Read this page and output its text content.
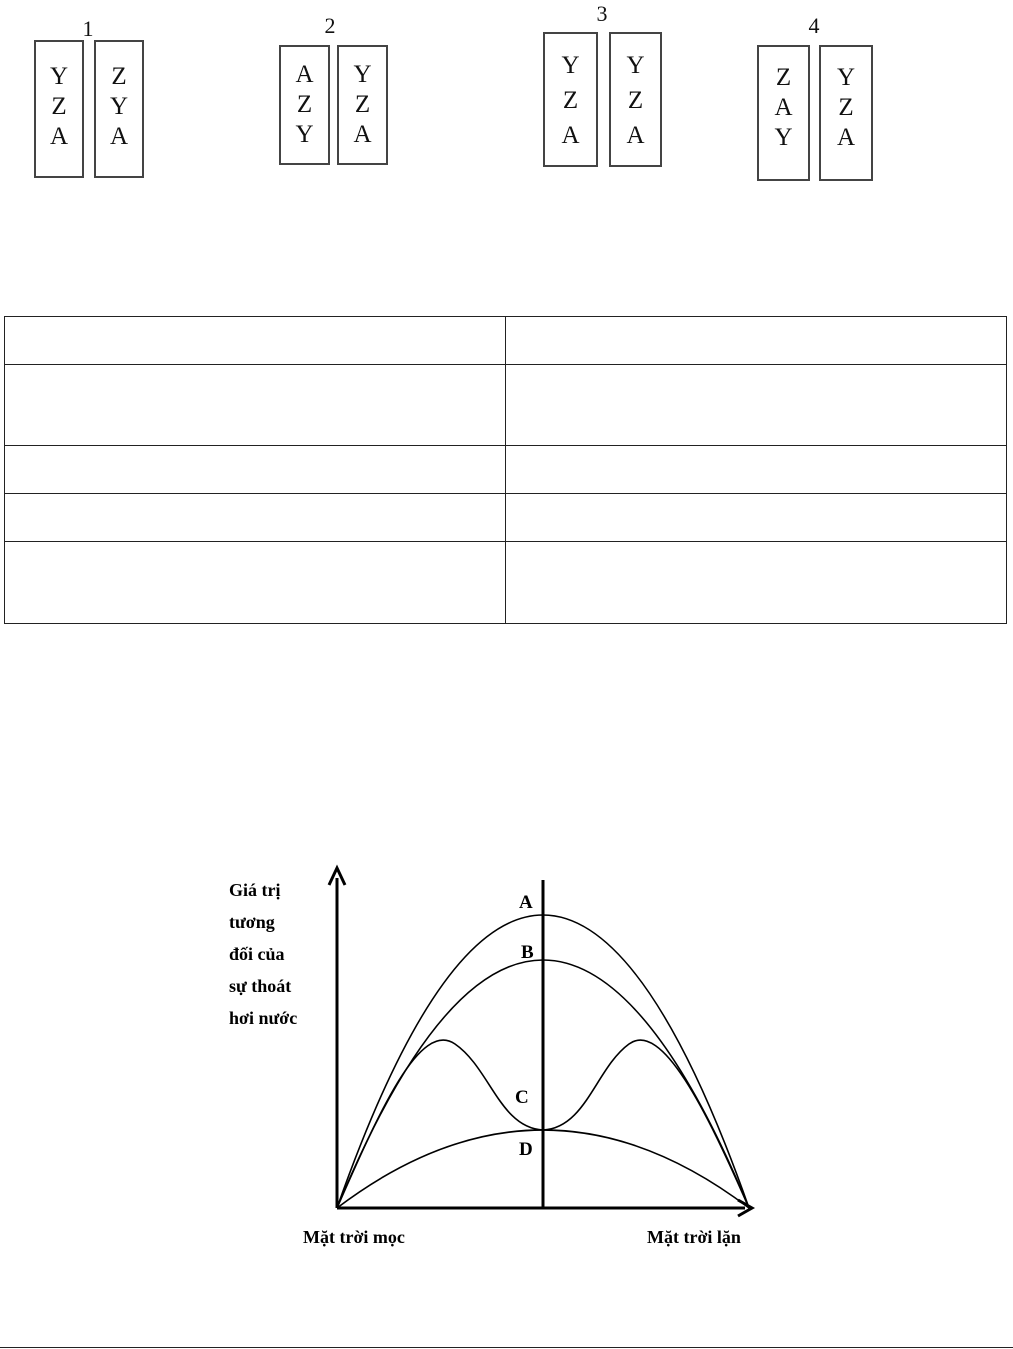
1
Y
Z
A
Z
Y
A
2
A
Z
Y
Y
Z
A
3
Y
Z
A
Y
Z
A
4
Z
A
Y
Y
Z
A

A
B
C
D
Giá trị
tương
đối của
sự thoát
hơi nước
Mặt trời mọc	Mặt trời lặn
